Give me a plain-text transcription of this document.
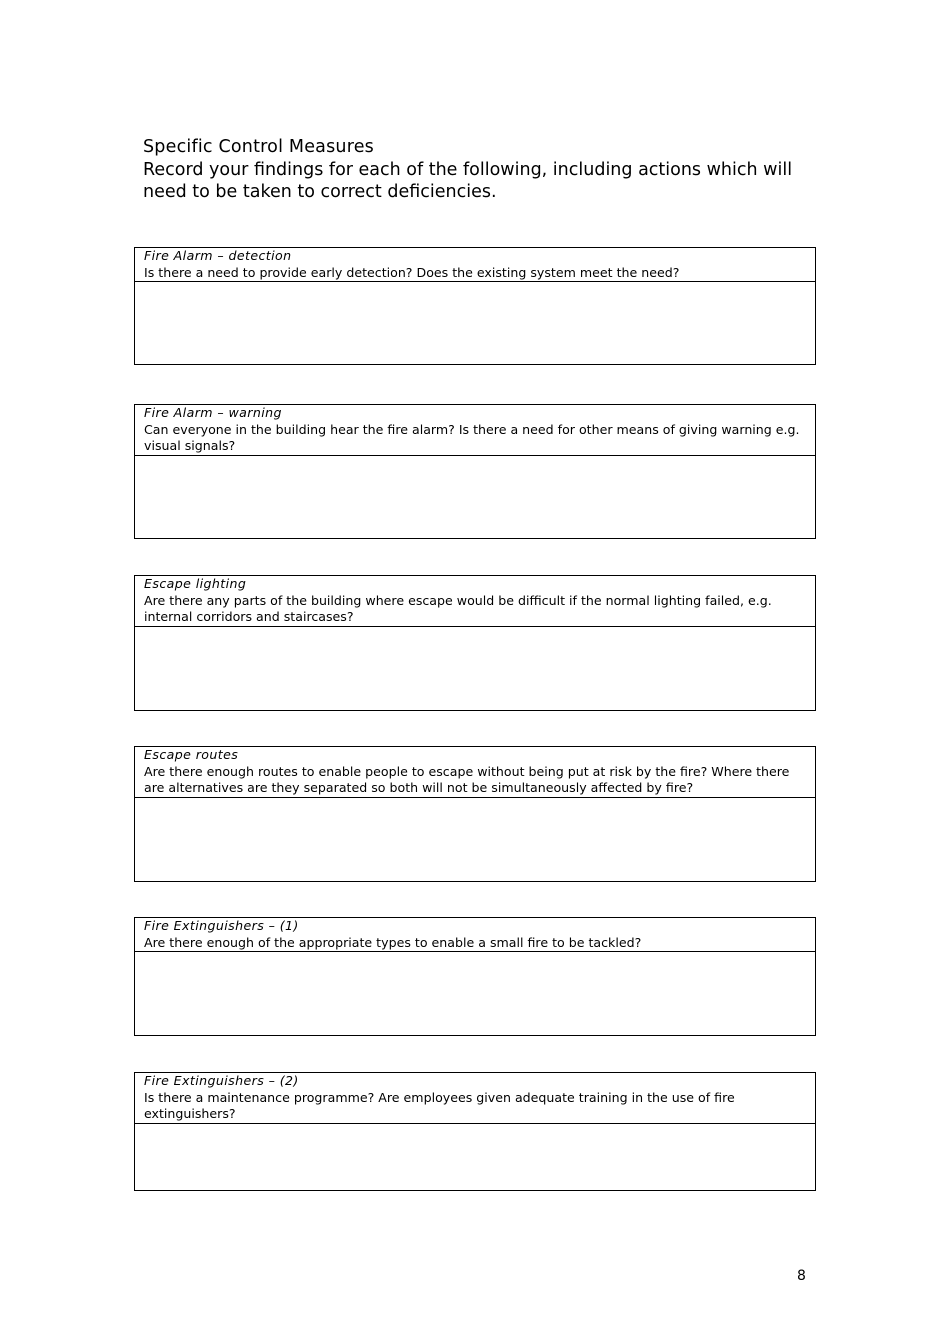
Specific Control Measures
Record your findings for each of the following, including actions which will need to be taken to correct deficiencies.
Fire Alarm – detection
Is there a need to provide early detection? Does the existing system meet the need?
Fire Alarm – warning
Can everyone in the building hear the fire alarm? Is there a need for other means of giving warning e.g. visual signals?
Escape lighting
Are there any parts of the building where escape would be difficult if the normal lighting failed, e.g. internal corridors and staircases?
Escape routes
Are there enough routes to enable people to escape without being put at risk by the fire? Where there are alternatives are they separated so both will not be simultaneously affected by fire?
Fire Extinguishers – (1)
Are there enough of the appropriate types to enable a small fire to be tackled?
Fire Extinguishers – (2)
Is there a maintenance programme? Are employees given adequate training in the use of fire extinguishers?
8
